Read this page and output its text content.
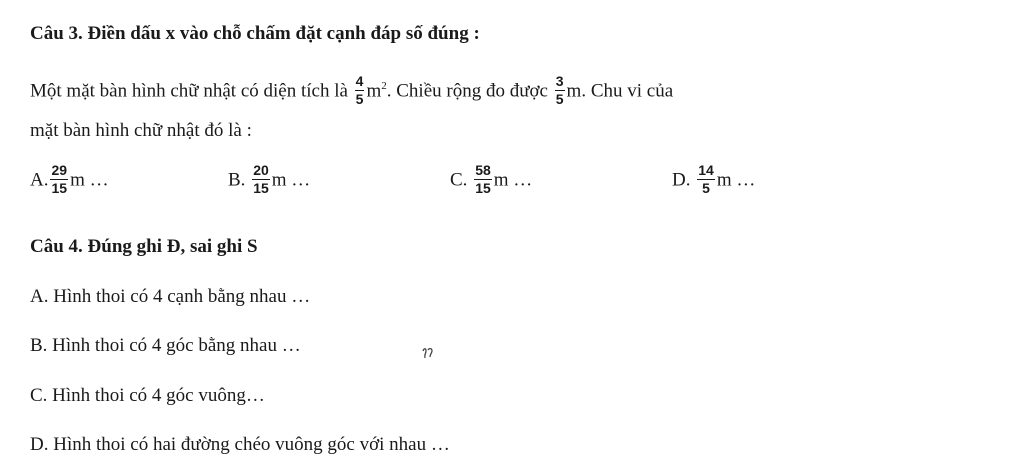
Câu 3. Điền dấu x vào chỗ chấm đặt cạnh đáp số đúng :
Một mặt bàn hình chữ nhật có diện tích là $\frac{4}{5} m^2$. Chiều rộng đo được $\frac{3}{5} m$. Chu vi của
mặt bàn hình chữ nhật đó là :
A. $\frac{29}{15}$ m …	B. $\frac{20}{15}$ m …	C. $\frac{58}{15}$ m …	D. $\frac{14}{5}$ m …
Câu 4. Đúng ghi Đ, sai ghi S
A. Hình thoi có 4 cạnh bằng nhau …
B. Hình thoi có 4 góc bằng nhau …
C. Hình thoi có 4 góc vuông…
D. Hình thoi có hai đường chéo vuông góc với nhau …
